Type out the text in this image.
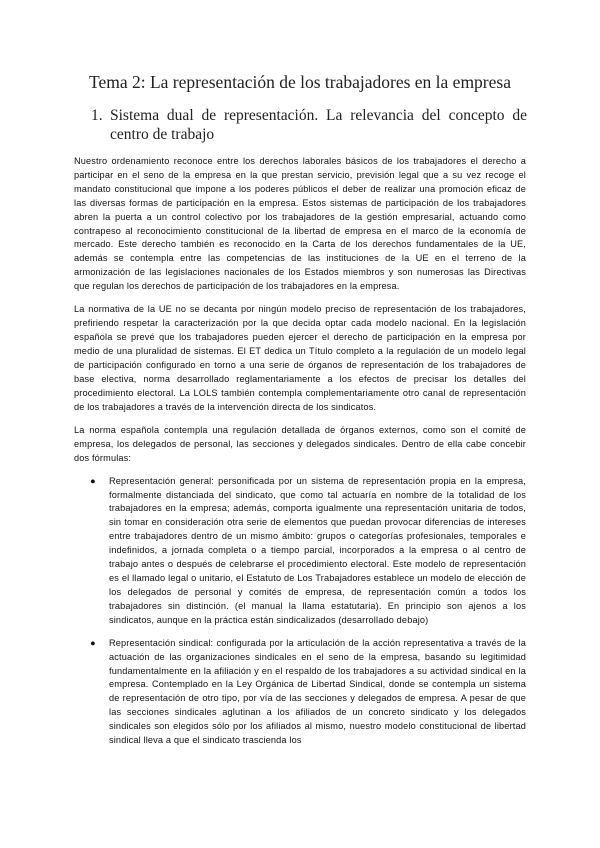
Tema 2: La representación de los trabajadores en la empresa
1. Sistema dual de representación. La relevancia del concepto de centro de trabajo

Nuestro ordenamiento reconoce entre los derechos laborales básicos de los trabajadores el derecho a participar en el seno de la empresa en la que prestan servicio, previsión legal que a su vez recoge el mandato constitucional que impone a los poderes públicos el deber de realizar una promoción eficaz de las diversas formas de participación en la empresa. Estos sistemas de participación de los trabajadores abren la puerta a un control colectivo por los trabajadores de la gestión empresarial, actuando como contrapeso al reconocimiento constitucional de la libertad de empresa en el marco de la economía de mercado. Este derecho también es reconocido en la Carta de los derechos fundamentales de la UE, además se contempla entre las competencias de las instituciones de la UE en el terreno de la armonización de las legislaciones nacionales de los Estados miembros y son numerosas las Directivas que regulan los derechos de participación de los trabajadores en la empresa.

La normativa de la UE no se decanta por ningún modelo preciso de representación de los trabajadores, prefiriendo respetar la caracterización por la que decida optar cada modelo nacional. En la legislación española se prevé que los trabajadores pueden ejercer el derecho de participación en la empresa por medio de una pluralidad de sistemas. El ET dedica un Título completo a la regulación de un modelo legal de participación configurado en torno a una serie de órganos de representación de los trabajadores de base electiva, norma desarrollado reglamentariamente a los efectos de precisar los detalles del procedimiento electoral. La LOLS también contempla complementariamente otro canal de representación de los trabajadores a través de la intervención directa de los sindicatos.

La norma española contempla una regulación detallada de órganos externos, como son el comité de empresa, los delegados de personal, las secciones y delegados sindicales. Dentro de ella cabe concebir dos fórmulas:

● Representación general: personificada por un sistema de representación propia en la empresa, formalmente distanciada del sindicato, que como tal actuaría en nombre de la totalidad de los trabajadores en la empresa; además, comporta igualmente una representación unitaria de todos, sin tomar en consideración otra serie de elementos que puedan provocar diferencias de intereses entre trabajadores dentro de un mismo ámbito: grupos o categorías profesionales, temporales e indefinidos, a jornada completa o a tiempo parcial, incorporados a la empresa o al centro de trabajo antes o después de celebrarse el procedimiento electoral. Este modelo de representación es el llamado legal o unitario, el Estatuto de Los Trabajadores establece un modelo de elección de los delegados de personal y comités de empresa, de representación común a todos los trabajadores sin distinción. (el manual la llama estatutaria). En principio son ajenos a los sindicatos, aunque en la práctica están sindicalizados (desarrollado debajo)
● Representación sindical: configurada por la articulación de la acción representativa a través de la actuación de las organizaciones sindicales en el seno de la empresa, basando su legitimidad fundamentalmente en la afiliación y en el respaldo de los trabajadores a su actividad sindical en la empresa. Contemplado en la Ley Orgánica de Libertad Sindical, donde se contempla un sistema de representación de otro tipo, por vía de las secciones y delegados de empresa. A pesar de que las secciones sindicales aglutinan a los afiliados de un concreto sindicato y los delegados sindicales son elegidos sólo por los afiliados al mismo, nuestro modelo constitucional de libertad sindical lleva a que el sindicato trascienda los
